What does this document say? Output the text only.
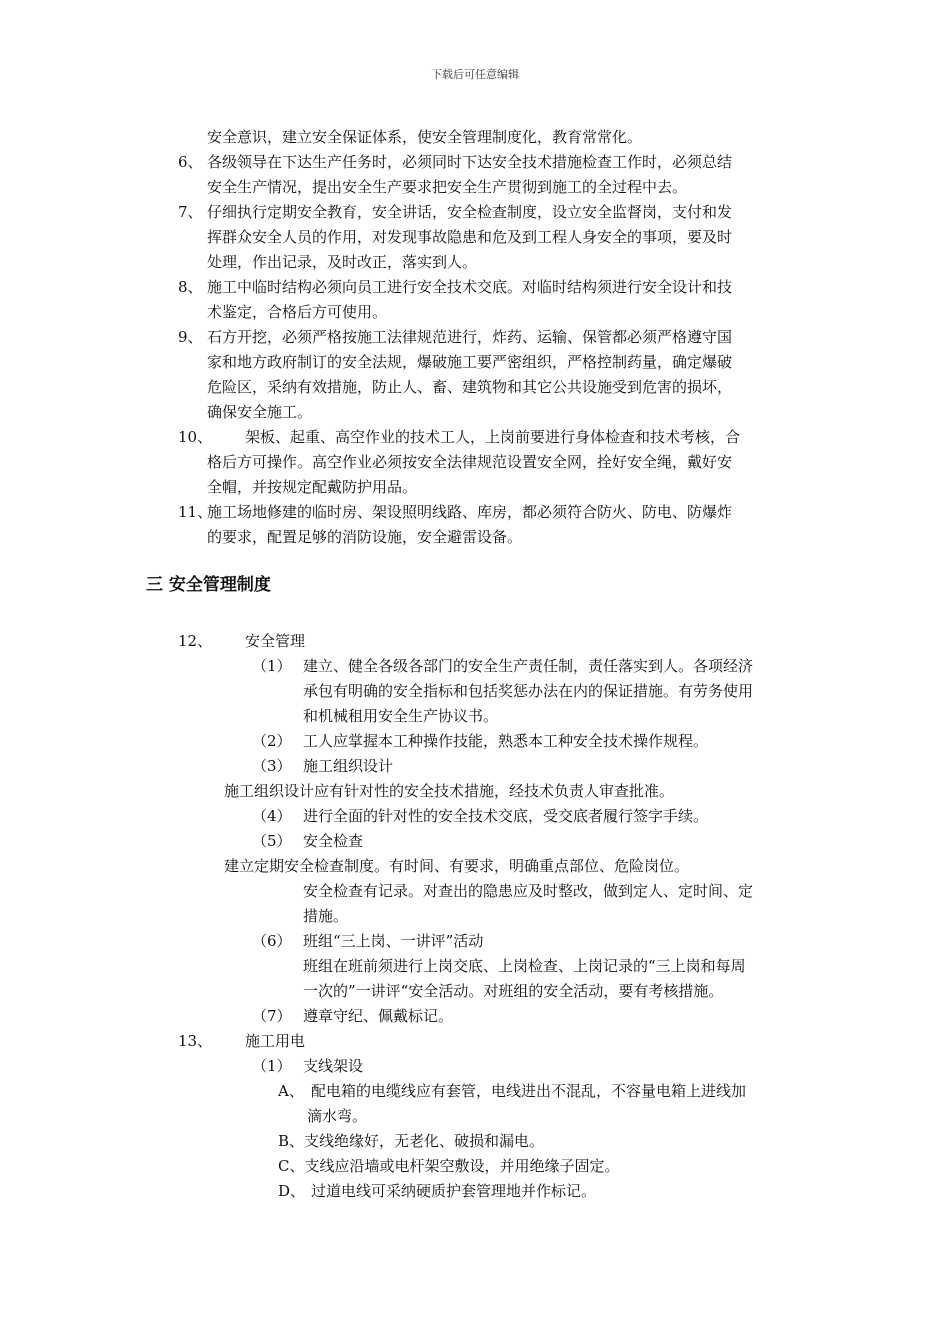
下载后可任意编辑
安全意识，建立安全保证体系，使安全管理制度化，教育常常化。
6、 各级领导在下达生产任务时，必须同时下达安全技术措施检查工作时，必须总结
安全生产情况，提出安全生产要求把安全生产贯彻到施工的全过程中去。
7、 仔细执行定期安全教育，安全讲话，安全检查制度，设立安全监督岗，支付和发
挥群众安全人员的作用，对发现事故隐患和危及到工程人身安全的事项，要及时
处理，作出记录，及时改正，落实到人。
8、 施工中临时结构必须向员工进行安全技术交底。对临时结构须进行安全设计和技
术鉴定，合格后方可使用。
9、 石方开挖，必须严格按施工法律规范进行，炸药、运输、保管都必须严格遵守国
家和地方政府制订的安全法规，爆破施工要严密组织，严格控制药量，确定爆破
危险区，采纳有效措施，防止人、畜、建筑物和其它公共设施受到危害的损坏，
确保安全施工。
10、 架板、起重、高空作业的技术工人，上岗前要进行身体检查和技术考核，合
格后方可操作。高空作业必须按安全法律规范设置安全网，拴好安全绳，戴好安
全帽，并按规定配戴防护用品。
11、
施工场地修建的临时房、架设照明线路、库房，都必须符合防火、防电、防爆炸
的要求，配置足够的消防设施，安全避雷设备。
三 安全管理制度
12、 安全管理
（1） 建立、健全各级各部门的安全生产责任制，责任落实到人。各项经济
承包有明确的安全指标和包括奖惩办法在内的保证措施。有劳务使用
和机械租用安全生产协议书。
（2） 工人应掌握本工种操作技能，熟悉本工种安全技术操作规程。
（3） 施工组织设计
施工组织设计应有针对性的安全技术措施，经技术负责人审查批准。
（4） 进行全面的针对性的安全技术交底，受交底者履行签字手续。
（5） 安全检查
建立定期安全检查制度。有时间、有要求，明确重点部位、危险岗位。
安全检查有记录。对查出的隐患应及时整改，做到定人、定时间、定
措施。
（6） 班组“三上岗、一讲评”活动
班组在班前须进行上岗交底、上岗检查、上岗记录的“三上岗和每周
一次的”一讲评“安全活动。对班组的安全活动，要有考核措施。
（7） 遵章守纪、佩戴标记。
13、 施工用电
（1） 支线架设
A、 配电箱的电缆线应有套管，电线进出不混乱，不容量电箱上进线加
滴水弯。
B、支线绝缘好，无老化、破损和漏电。
C、支线应沿墙或电杆架空敷设，并用绝缘子固定。
D、 过道电线可采纳硬质护套管理地并作标记。
